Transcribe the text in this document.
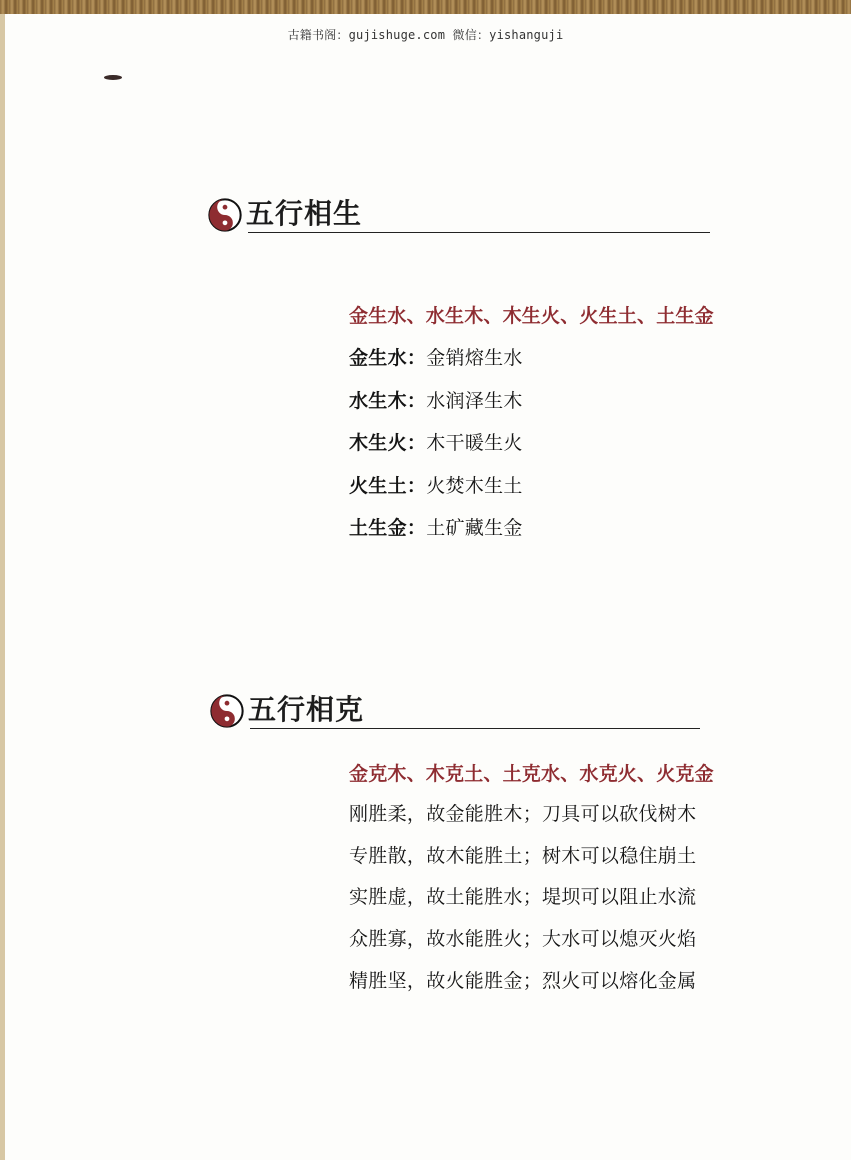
古籍书阁：gujishuge.com 微信：yishanguji
五行相生
金生水、水生木、木生火、火生土、土生金
金生水：金销熔生水
水生木：水润泽生木
木生火：木干暖生火
火生土：火焚木生土
土生金：土矿藏生金
五行相克
金克木、木克土、土克水、水克火、火克金
刚胜柔，故金能胜木；刀具可以砍伐树木
专胜散，故木能胜土；树木可以稳住崩土
实胜虚，故土能胜水；堤坝可以阻止水流
众胜寡，故水能胜火；大水可以熄灭火焰
精胜坚，故火能胜金；烈火可以熔化金属
